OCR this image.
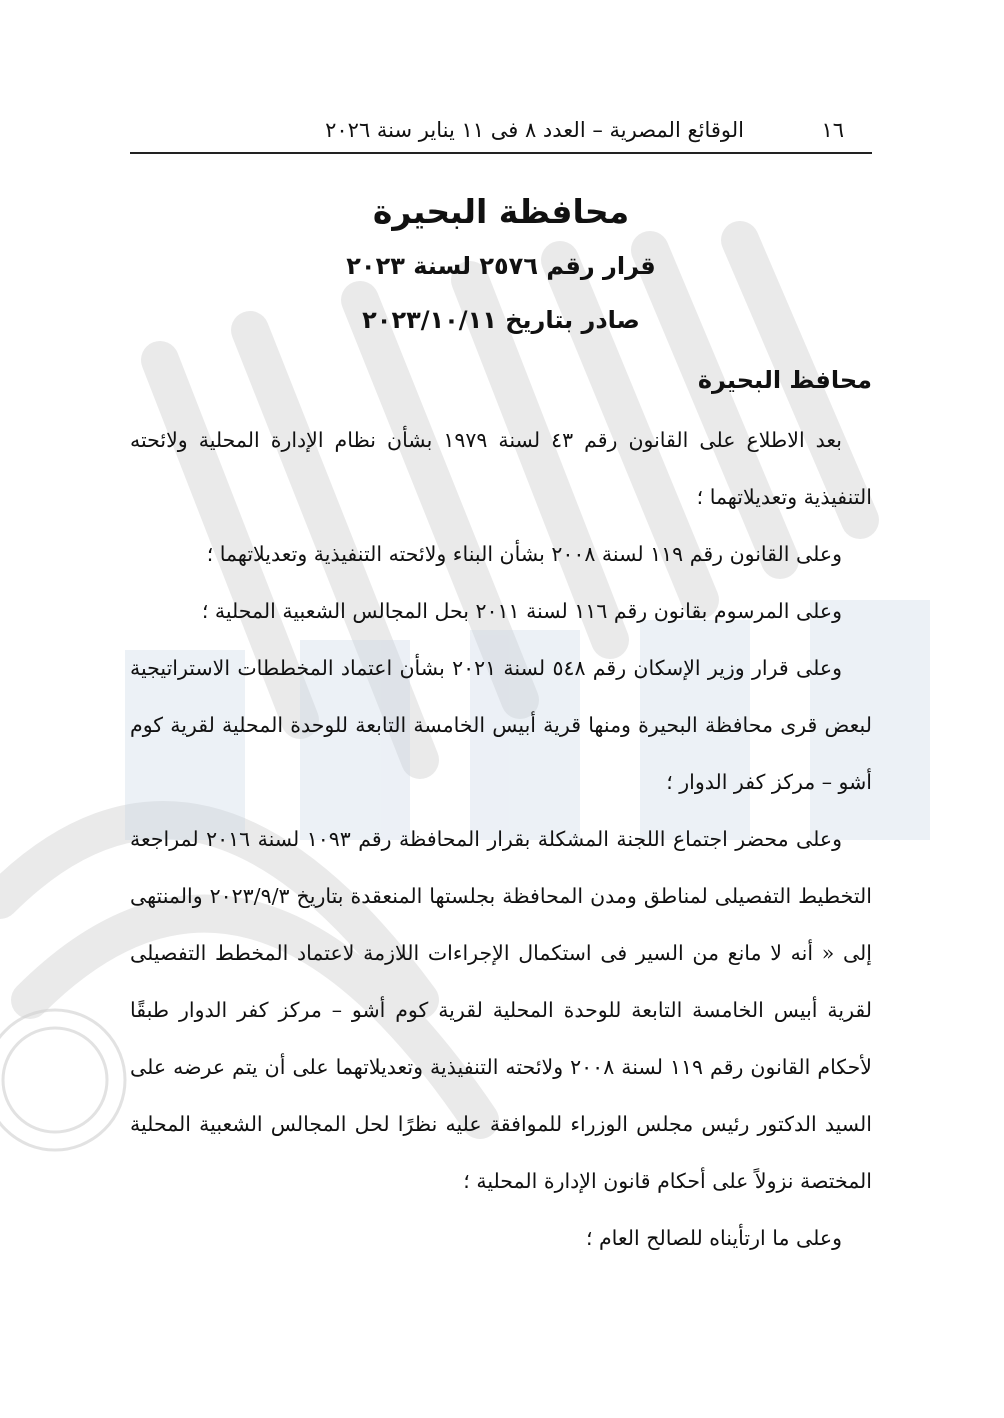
١٦
الوقائع المصرية – العدد ٨ فى ١١ يناير سنة ٢٠٢٦
محافظة البحيرة
قرار رقم ٢٥٧٦ لسنة ٢٠٢٣
صادر بتاريخ ٢٠٢٣/١٠/١١
محافظ البحيرة

بعد الاطلاع على القانون رقم ٤٣ لسنة ١٩٧٩ بشأن نظام الإدارة المحلية ولائحته التنفيذية وتعديلاتهما ؛

وعلى القانون رقم ١١٩ لسنة ٢٠٠٨ بشأن البناء ولائحته التنفيذية وتعديلاتهما ؛

وعلى المرسوم بقانون رقم ١١٦ لسنة ٢٠١١ بحل المجالس الشعبية المحلية ؛

وعلى قرار وزير الإسكان رقم ٥٤٨ لسنة ٢٠٢١ بشأن اعتماد المخططات الاستراتيجية لبعض قرى محافظة البحيرة ومنها قرية أبيس الخامسة التابعة للوحدة المحلية لقرية كوم أشو – مركز كفر الدوار ؛

وعلى محضر اجتماع اللجنة المشكلة بقرار المحافظة رقم ١٠٩٣ لسنة ٢٠١٦ لمراجعة التخطيط التفصيلى لمناطق ومدن المحافظة بجلستها المنعقدة بتاريخ ٢٠٢٣/٩/٣ والمنتهى إلى « أنه لا مانع من السير فى استكمال الإجراءات اللازمة لاعتماد المخطط التفصيلى لقرية أبيس الخامسة التابعة للوحدة المحلية لقرية كوم أشو – مركز كفر الدوار طبقًا لأحكام القانون رقم ١١٩ لسنة ٢٠٠٨ ولائحته التنفيذية وتعديلاتهما على أن يتم عرضه على السيد الدكتور رئيس مجلس الوزراء للموافقة عليه نظرًا لحل المجالس الشعبية المحلية المختصة نزولاً على أحكام قانون الإدارة المحلية ؛

وعلى ما ارتأيناه للصالح العام ؛
